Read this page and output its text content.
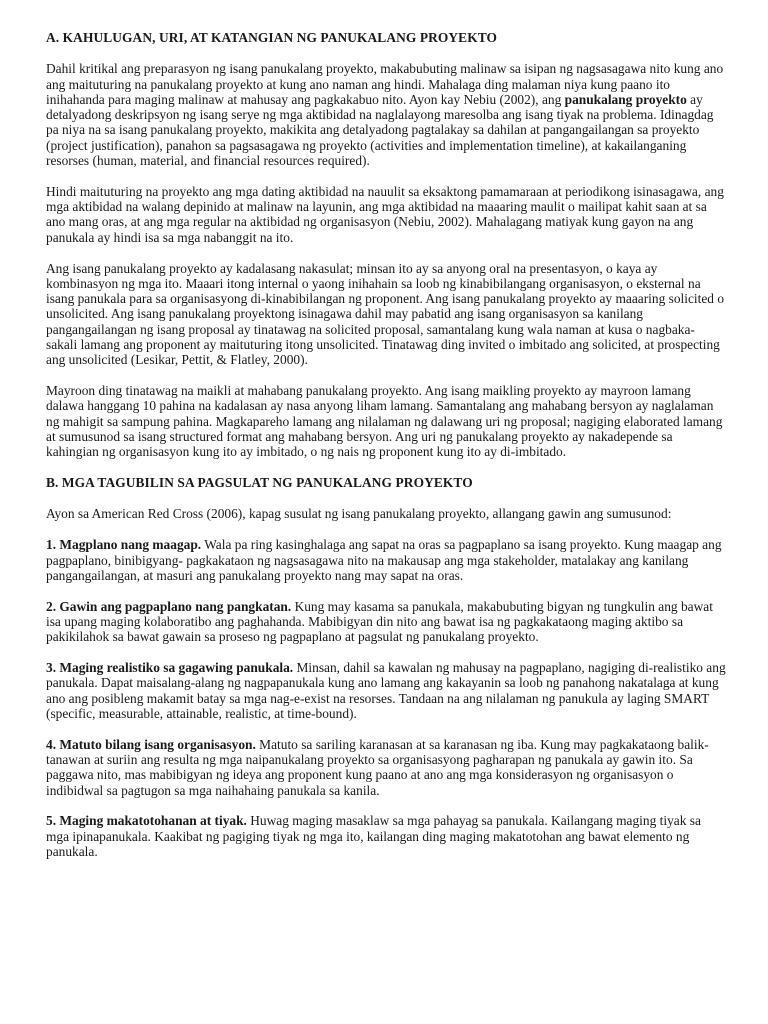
A. KAHULUGAN, URI, AT KATANGIAN NG PANUKALANG PROYEKTO

Dahil kritikal ang preparasyon ng isang panukalang proyekto, makabubuting malinaw sa isipan ng nagsasagawa nito kung ano ang maituturing na panukalang proyekto at kung ano naman ang hindi. Mahalaga ding malaman niya kung paano ito inihahanda para maging malinaw at mahusay ang pagkakabuo nito. Ayon kay Nebiu (2002), ang panukalang proyekto ay detalyadong deskripsyon ng isang serye ng mga aktibidad na naglalayong maresolba ang isang tiyak na problema. Idinagdag pa niya na sa isang panukalang proyekto, makikita ang detalyadong pagtalakay sa dahilan at pangangailangan sa proyekto (project justification), panahon sa pagsasagawa ng proyekto (activities and implementation timeline), at kakailanganing resorses (human, material, and financial resources required).

Hindi maituturing na proyekto ang mga dating aktibidad na nauulit sa eksaktong pamamaraan at periodikong isinasagawa, ang mga aktibidad na walang depinido at malinaw na layunin, ang mga aktibidad na maaaring maulit o mailipat kahit saan at sa ano mang oras, at ang mga regular na aktibidad ng organisasyon (Nebiu, 2002). Mahalagang matiyak kung gayon na ang panukala ay hindi isa sa mga nabanggit na ito.

Ang isang panukalang proyekto ay kadalasang nakasulat; minsan ito ay sa anyong oral na presentasyon, o kaya ay kombinasyon ng mga ito. Maaari itong internal o yaong inihahain sa loob ng kinabibilangang organisasyon, o eksternal na isang panukala para sa organisasyong di-kinabibilangan ng proponent. Ang isang panukalang proyekto ay maaaring solicited o unsolicited. Ang isang panukalang proyektong isinagawa dahil may pabatid ang isang organisasyon sa kanilang pangangailangan ng isang proposal ay tinatawag na solicited proposal, samantalang kung wala naman at kusa o nagbaka-sakali lamang ang proponent ay maituturing itong unsolicited. Tinatawag ding invited o imbitado ang solicited, at prospecting ang unsolicited (Lesikar, Pettit, & Flatley, 2000).

Mayroon ding tinatawag na maikli at mahabang panukalang proyekto. Ang isang maikling proyekto ay mayroon lamang dalawa hanggang 10 pahina na kadalasan ay nasa anyong liham lamang. Samantalang ang mahabang bersyon ay naglalaman ng mahigit sa sampung pahina. Magkapareho lamang ang nilalaman ng dalawang uri ng proposal; nagiging elaborated lamang at sumusunod sa isang structured format ang mahabang bersyon. Ang uri ng panukalang proyekto ay nakadepende sa kahingian ng organisasyon kung ito ay imbitado, o ng nais ng proponent kung ito ay di-imbitado.

B. MGA TAGUBILIN SA PAGSULAT NG PANUKALANG PROYEKTO

Ayon sa American Red Cross (2006), kapag susulat ng isang panukalang proyekto, allangang gawin ang sumusunod:

1. Magplano nang maagap. Wala pa ring kasinghalaga ang sapat na oras sa pagpaplano sa isang proyekto. Kung maagap ang pagpaplano, binibigyang- pagkakataon ng nagsasagawa nito na makausap ang mga stakeholder, matalakay ang kanilang pangangailangan, at masuri ang panukalang proyekto nang may sapat na oras.

2. Gawin ang pagpaplano nang pangkatan. Kung may kasama sa panukala, makabubuting bigyan ng tungkulin ang bawat isa upang maging kolaboratibo ang paghahanda. Mabibigyan din nito ang bawat isa ng pagkakataong maging aktibo sa pakikilahok sa bawat gawain sa proseso ng pagpaplano at pagsulat ng panukalang proyekto.

3. Maging realistiko sa gagawing panukala. Minsan, dahil sa kawalan ng mahusay na pagpaplano, nagiging di-realistiko ang panukala. Dapat maisalang-alang ng nagpapanukala kung ano lamang ang kakayanin sa loob ng panahong nakatalaga at kung ano ang posibleng makamit batay sa mga nag-e-exist na resorses. Tandaan na ang nilalaman ng panukula ay laging SMART (specific, measurable, attainable, realistic, at time-bound).

4. Matuto bilang isang organisasyon. Matuto sa sariling karanasan at sa karanasan ng iba. Kung may pagkakataong balik-tanawan at suriin ang resulta ng mga naipanukalang proyekto sa organisasyong pagharapan ng panukala ay gawin ito. Sa paggawa nito, mas mabibigyan ng ideya ang proponent kung paano at ano ang mga konsiderasyon ng organisasyon o indibidwal sa pagtugon sa mga naihahaing panukala sa kanila.

5. Maging makatotohanan at tiyak. Huwag maging masaklaw sa mga pahayag sa panukala. Kailangang maging tiyak sa mga ipinapanukala. Kaakibat ng pagiging tiyak ng mga ito, kailangan ding maging makatotohan ang bawat elemento ng panukala.
